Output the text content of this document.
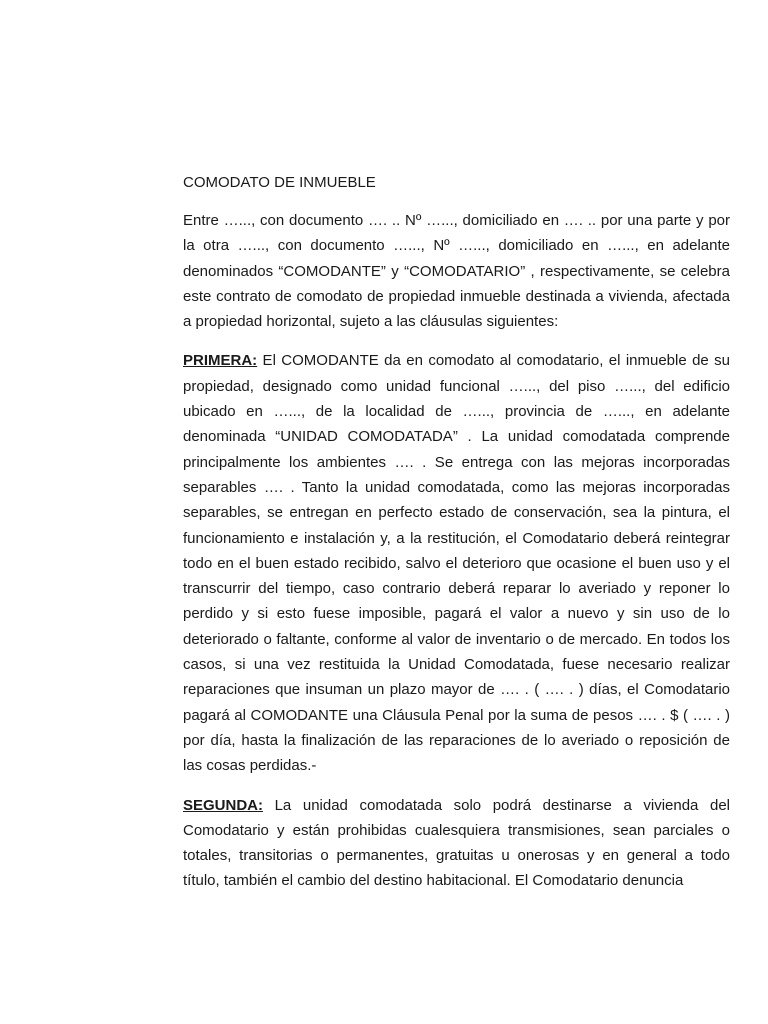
COMODATO DE INMUEBLE

Entre …..., con documento …. .. Nº …..., domiciliado en …. .. por una parte y por la otra …..., con documento …..., Nº …..., domiciliado en …..., en adelante denominados “COMODANTE” y “COMODATARIO” , respectivamente, se celebra este contrato de comodato de propiedad inmueble destinada a vivienda, afectada a propiedad horizontal, sujeto a las cláusulas siguientes:

PRIMERA: El COMODANTE da en comodato al comodatario, el inmueble de su propiedad, designado como unidad funcional …..., del piso …..., del edificio ubicado en …..., de la localidad de …..., provincia de …..., en adelante denominada “UNIDAD COMODATADA” . La unidad comodatada comprende principalmente los ambientes …. . Se entrega con las mejoras incorporadas separables …. . Tanto la unidad comodatada, como las mejoras incorporadas separables, se entregan en perfecto estado de conservación, sea la pintura, el funcionamiento e instalación y, a la restitución, el Comodatario deberá reintegrar todo en el buen estado recibido, salvo el deterioro que ocasione el buen uso y el transcurrir del tiempo, caso contrario deberá reparar lo averiado y reponer lo perdido y si esto fuese imposible, pagará el valor a nuevo y sin uso de lo deteriorado o faltante, conforme al valor de inventario o de mercado. En todos los casos, si una vez restituida la Unidad Comodatada, fuese necesario realizar reparaciones que insuman un plazo mayor de …. . ( …. . ) días, el Comodatario pagará al COMODANTE una Cláusula Penal por la suma de pesos …. . $ ( …. . ) por día, hasta la finalización de las reparaciones de lo averiado o reposición de las cosas perdidas.-

SEGUNDA: La unidad comodatada solo podrá destinarse a vivienda del Comodatario y están prohibidas cualesquiera transmisiones, sean parciales o totales, transitorias o permanentes, gratuitas u onerosas y en general a todo título, también el cambio del destino habitacional. El Comodatario denuncia
